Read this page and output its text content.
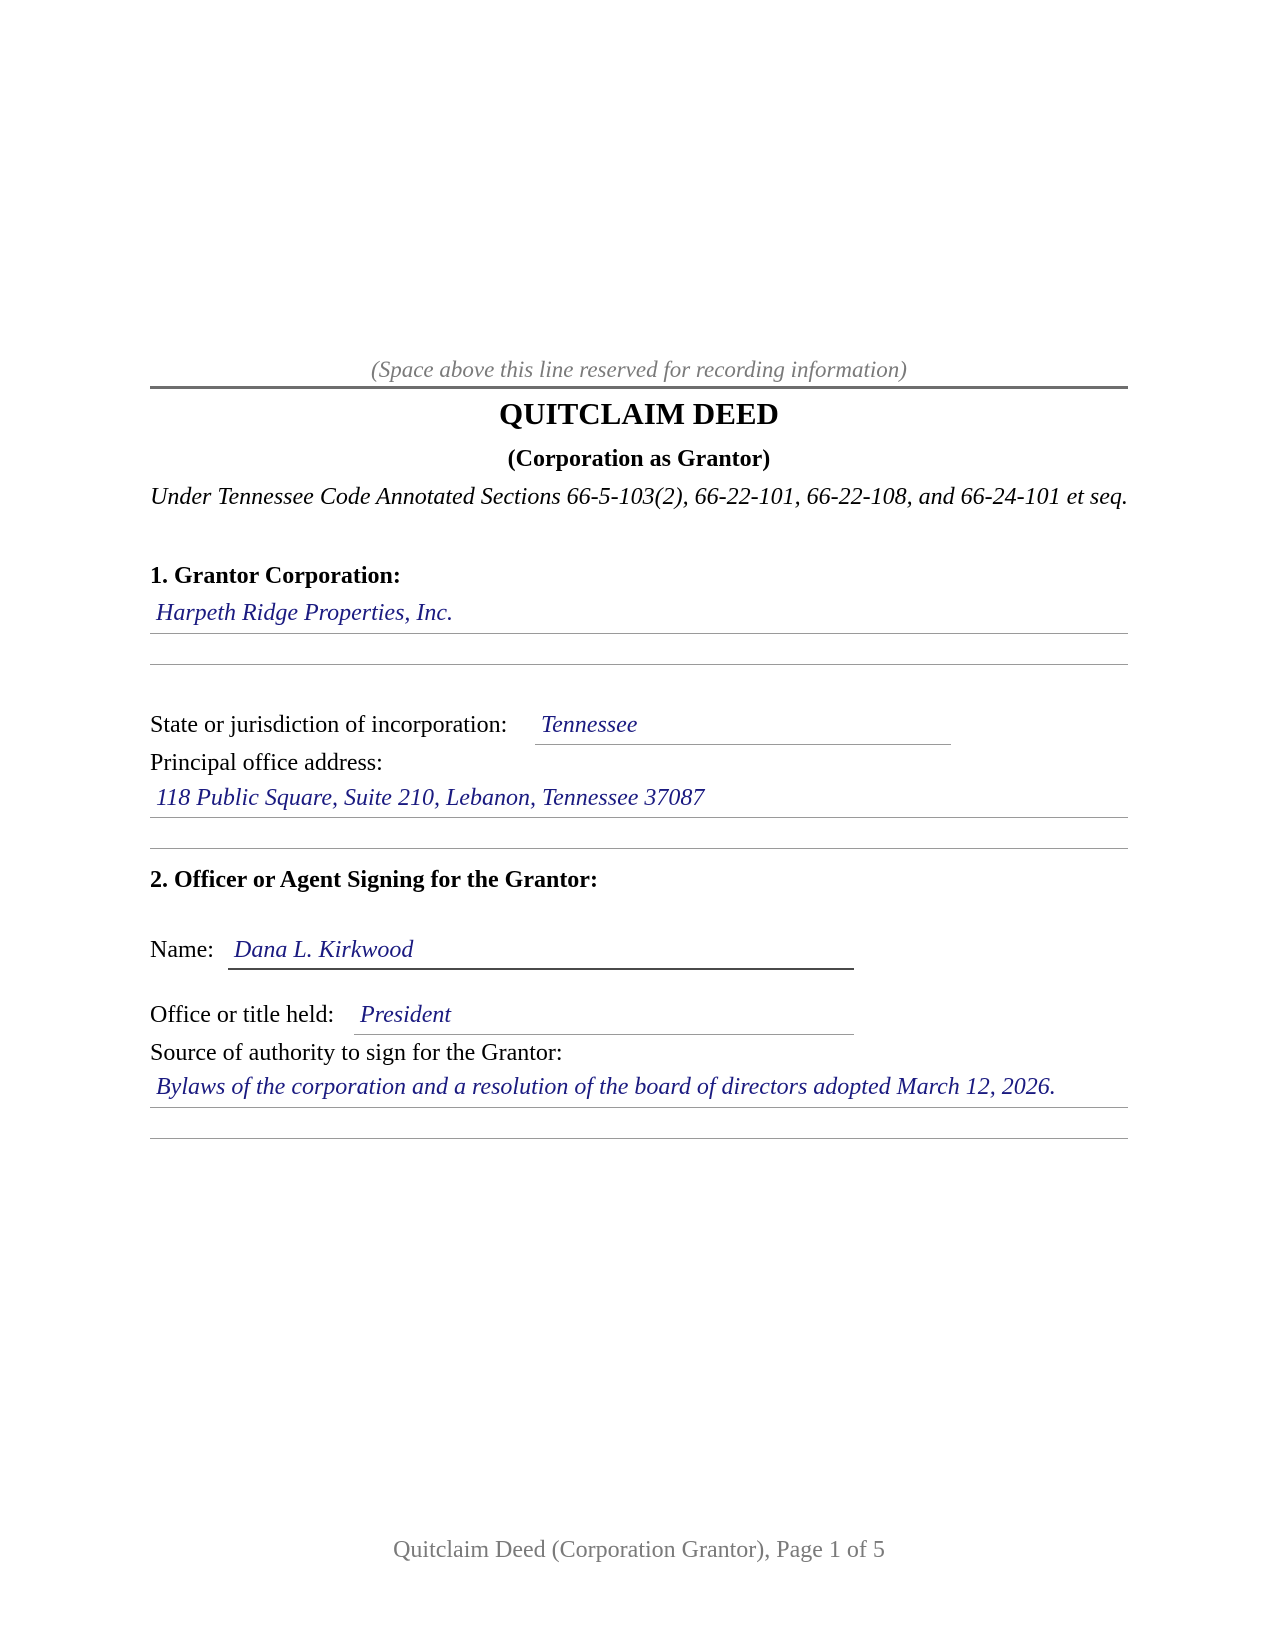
(Space above this line reserved for recording information)
QUITCLAIM DEED
(Corporation as Grantor)
Under Tennessee Code Annotated Sections 66-5-103(2), 66-22-101, 66-22-108, and 66-24-101 et seq.
1. Grantor Corporation:
Harpeth Ridge Properties, Inc.
State or jurisdiction of incorporation: Tennessee
Principal office address:
118 Public Square, Suite 210, Lebanon, Tennessee 37087
2. Officer or Agent Signing for the Grantor:
Name: Dana L. Kirkwood
Office or title held: President
Source of authority to sign for the Grantor:
Bylaws of the corporation and a resolution of the board of directors adopted March 12, 2026.
Quitclaim Deed (Corporation Grantor), Page 1 of 5
